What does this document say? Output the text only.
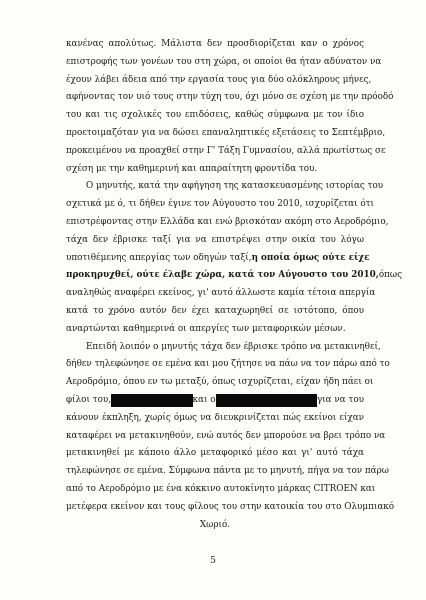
κανένας απολύτως. Μάλιστα δεν προσδιορίζεται καν ο χρόνος
επιστροφής των γονέων του στη χώρα, οι οποίοι θα ήταν αδύνατον να
έχουν λάβει άδεια από την εργασία τους για δύο ολόκληρους μήνες,
αφήνοντας τον υιό τους στην τύχη του, όχι μόνο σε σχέση με την πρόοδό
του και τις σχολικές του επιδόσεις, καθώς σύμφωνα με τον ίδιο
προετοιμαζόταν για να δώσει επαναληπτικές εξετάσεις το Σεπτέμβριο,
προκειμένου να προαχθεί στην Γ' Τάξη Γυμνασίου, αλλά πρωτίστως σε
σχέση με την καθημερινή και απαραίτητη φροντίδα του.
Ο μηνυτής, κατά την αφήγηση της κατασκευασμένης ιστορίας του
σχετικά με ό, τι δήθεν έγινε τον Αύγουστο του 2010, ισχυρίζεται ότι
επιστρέφοντας στην Ελλάδα και ενώ βρισκόταν ακόμη στο Αεροδρόμιο,
τάχα δεν έβρισκε ταξί για να επιστρέψει στην οικία του λόγω
υποτιθέμενης απεργίας των οδηγών ταξί, η οποία όμως ούτε είχε
προκηρυχθεί, ούτε έλαβε χώρα, κατά τον Αύγουστο του 2010, όπως
αναληθώς αναφέρει εκείνος, γι' αυτό άλλωστε καμία τέτοια απεργία
κατά το χρόνο αυτόν δεν έχει καταχωρηθεί σε ιστότοπο, όπου
αναρτώνται καθημερινά οι απεργίες των μεταφορικών μέσων.
Επειδή λοιπόν ο μηνυτής τάχα δεν έβρισκε τρόπο να μετακινηθεί,
δήθεν τηλεφώνησε σε εμένα και μου ζήτησε να πάω να τον πάρω από το
Αεροδρόμιο, όπου εν τω μεταξύ, όπως ισχυρίζεται, είχαν ήδη πάει οι
φίλοι του,	και ο	για να του
κάνουν έκπληξη, χωρίς όμως να διευκρινίζεται πώς εκείνοι είχαν
καταφέρει να μετακινηθούν, ενώ αυτός δεν μπορούσε να βρει τρόπο να
μετακινηθεί με κάποιο άλλο μεταφορικό μέσο και γι' αυτό τάχα
τηλεφώνησε σε εμένα. Σύμφωνα πάντα με το μηνυτή, πήγα να τον πάρω
από το Αεροδρόμιο με ένα κόκκινο αυτοκίνητο μάρκας CITROEN και
μετέφερα εκείνον και τους φίλους του στην κατοικία του στο Ολυμπιακό
Χωριό.
5
